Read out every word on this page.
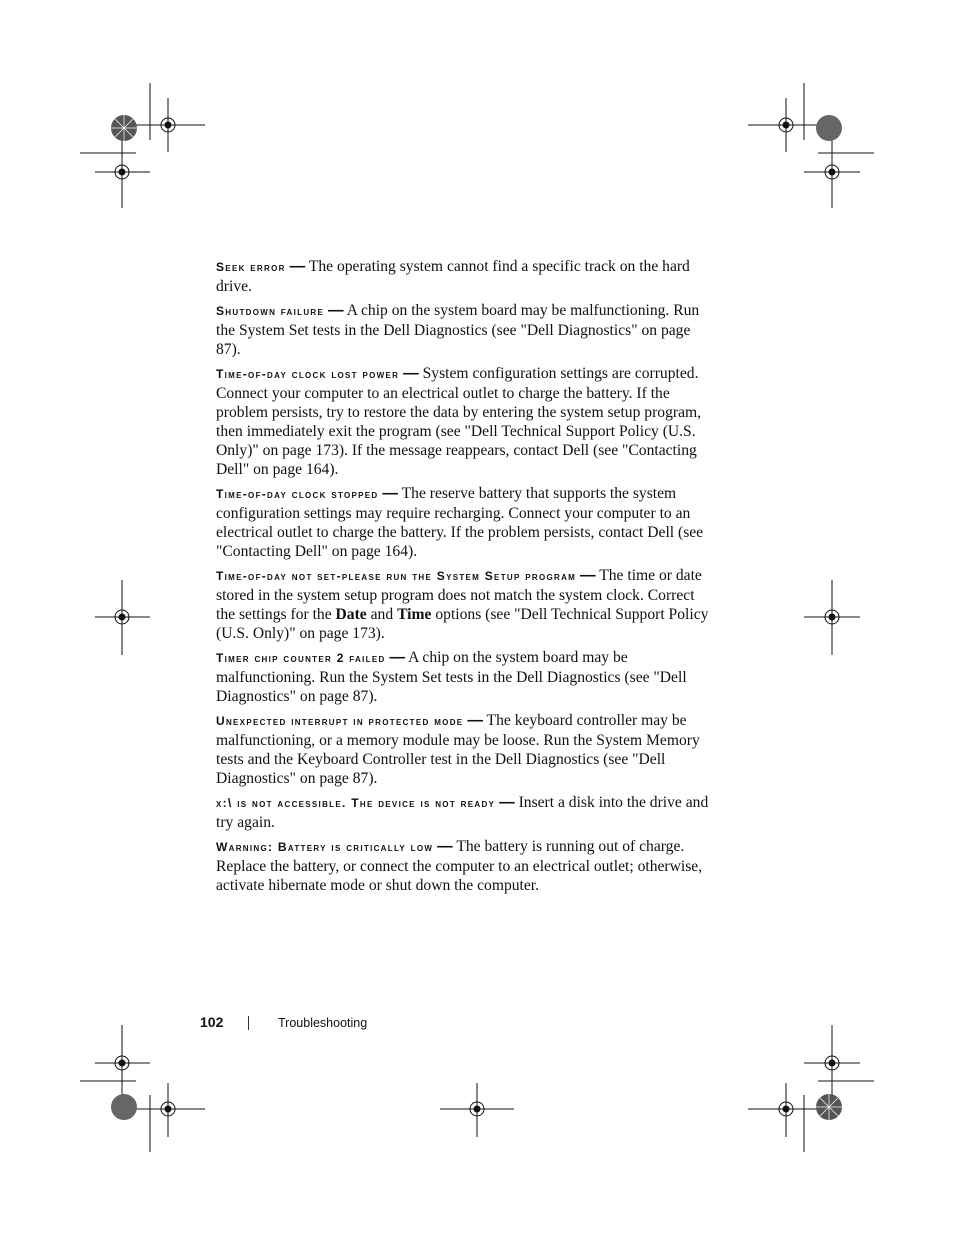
Seek error — The operating system cannot find a specific track on the hard drive.

Shutdown failure — A chip on the system board may be malfunctioning. Run the System Set tests in the Dell Diagnostics (see "Dell Diagnostics" on page 87).

Time-of-day clock lost power — System configuration settings are corrupted. Connect your computer to an electrical outlet to charge the battery. If the problem persists, try to restore the data by entering the system setup program, then immediately exit the program (see "Dell Technical Support Policy (U.S. Only)" on page 173). If the message reappears, contact Dell (see "Contacting Dell" on page 164).

Time-of-day clock stopped — The reserve battery that supports the system configuration settings may require recharging. Connect your computer to an electrical outlet to charge the battery. If the problem persists, contact Dell (see "Contacting Dell" on page 164).

Time-of-day not set-please run the System Setup program — The time or date stored in the system setup program does not match the system clock. Correct the settings for the Date and Time options (see "Dell Technical Support Policy (U.S. Only)" on page 173).

Timer chip counter 2 failed — A chip on the system board may be malfunctioning. Run the System Set tests in the Dell Diagnostics (see "Dell Diagnostics" on page 87).

Unexpected interrupt in protected mode — The keyboard controller may be malfunctioning, or a memory module may be loose. Run the System Memory tests and the Keyboard Controller test in the Dell Diagnostics (see "Dell Diagnostics" on page 87).

x:\ is not accessible. The device is not ready — Insert a disk into the drive and try again.

Warning: Battery is critically low — The battery is running out of charge. Replace the battery, or connect the computer to an electrical outlet; otherwise, activate hibernate mode or shut down the computer.

102	Troubleshooting
